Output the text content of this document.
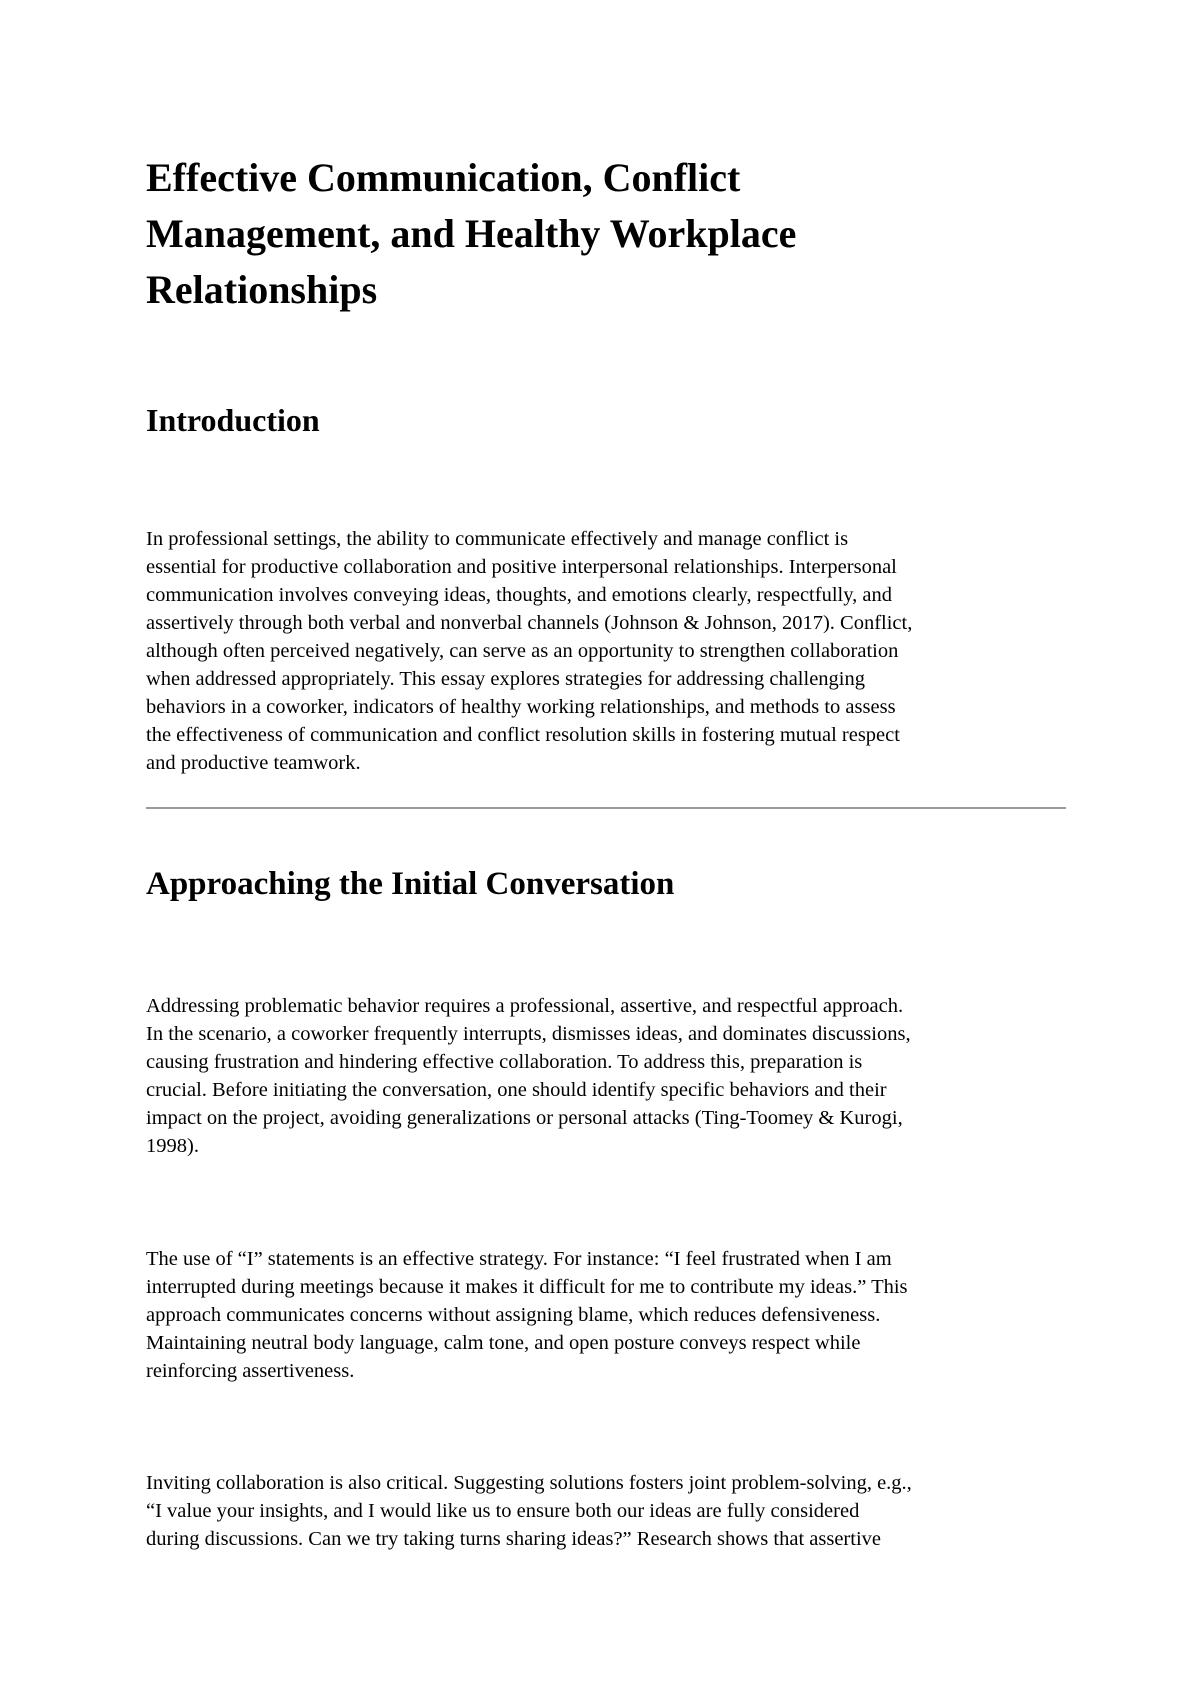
Effective Communication, Conflict
Management, and Healthy Workplace
Relationships
Introduction

In professional settings, the ability to communicate effectively and manage conflict is
essential for productive collaboration and positive interpersonal relationships. Interpersonal
communication involves conveying ideas, thoughts, and emotions clearly, respectfully, and
assertively through both verbal and nonverbal channels (Johnson & Johnson, 2017). Conflict,
although often perceived negatively, can serve as an opportunity to strengthen collaboration
when addressed appropriately. This essay explores strategies for addressing challenging
behaviors in a coworker, indicators of healthy working relationships, and methods to assess
the effectiveness of communication and conflict resolution skills in fostering mutual respect
and productive teamwork.

Approaching the Initial Conversation

Addressing problematic behavior requires a professional, assertive, and respectful approach.
In the scenario, a coworker frequently interrupts, dismisses ideas, and dominates discussions,
causing frustration and hindering effective collaboration. To address this, preparation is
crucial. Before initiating the conversation, one should identify specific behaviors and their
impact on the project, avoiding generalizations or personal attacks (Ting-Toomey & Kurogi,
1998).

The use of “I” statements is an effective strategy. For instance: “I feel frustrated when I am
interrupted during meetings because it makes it difficult for me to contribute my ideas.” This
approach communicates concerns without assigning blame, which reduces defensiveness.
Maintaining neutral body language, calm tone, and open posture conveys respect while
reinforcing assertiveness.

Inviting collaboration is also critical. Suggesting solutions fosters joint problem-solving, e.g.,
“I value your insights, and I would like us to ensure both our ideas are fully considered
during discussions. Can we try taking turns sharing ideas?” Research shows that assertive
